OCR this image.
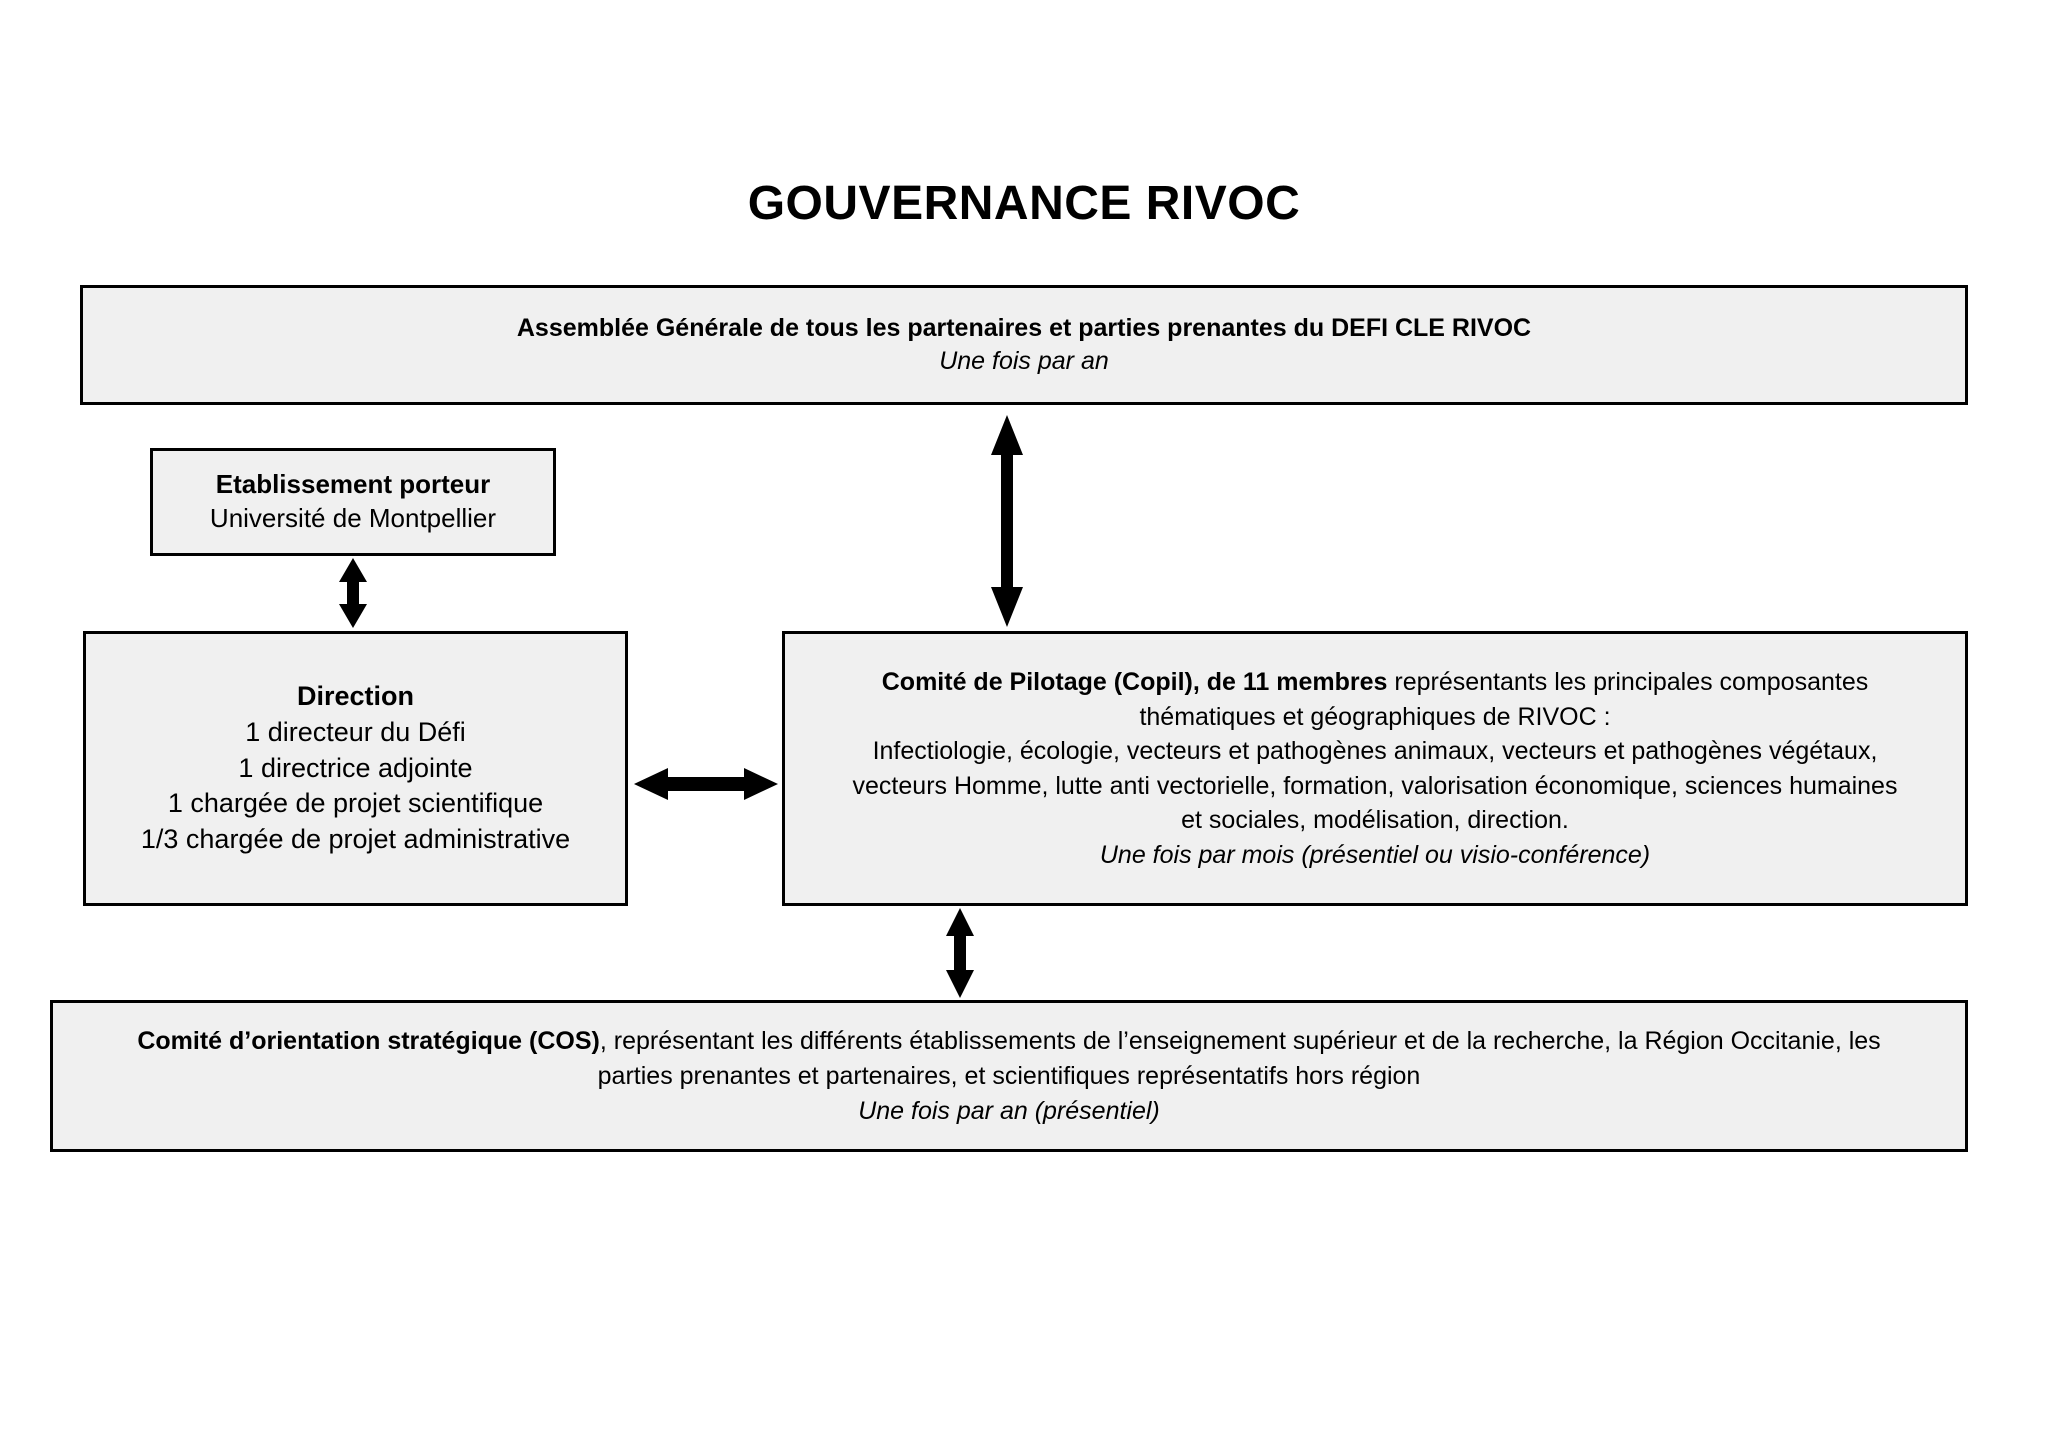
GOUVERNANCE RIVOC
Assemblée Générale de tous les partenaires et parties prenantes du DEFI CLE RIVOC
Une fois par an
Etablissement porteur
Université de Montpellier
Direction
1 directeur du Défi
1 directrice adjointe
1 chargée de projet scientifique
1/3 chargée de projet administrative
Comité de Pilotage (Copil), de 11 membres représentants les principales composantes
thématiques et géographiques de RIVOC :
Infectiologie, écologie, vecteurs et pathogènes animaux, vecteurs et pathogènes végétaux,
vecteurs Homme, lutte anti vectorielle, formation, valorisation économique, sciences humaines
et sociales, modélisation, direction.
Une fois par mois (présentiel ou visio-conférence)
Comité d’orientation stratégique (COS), représentant les différents établissements de l’enseignement supérieur et de la recherche, la Région Occitanie, les
parties prenantes et partenaires, et scientifiques représentatifs hors région
Une fois par an (présentiel)
